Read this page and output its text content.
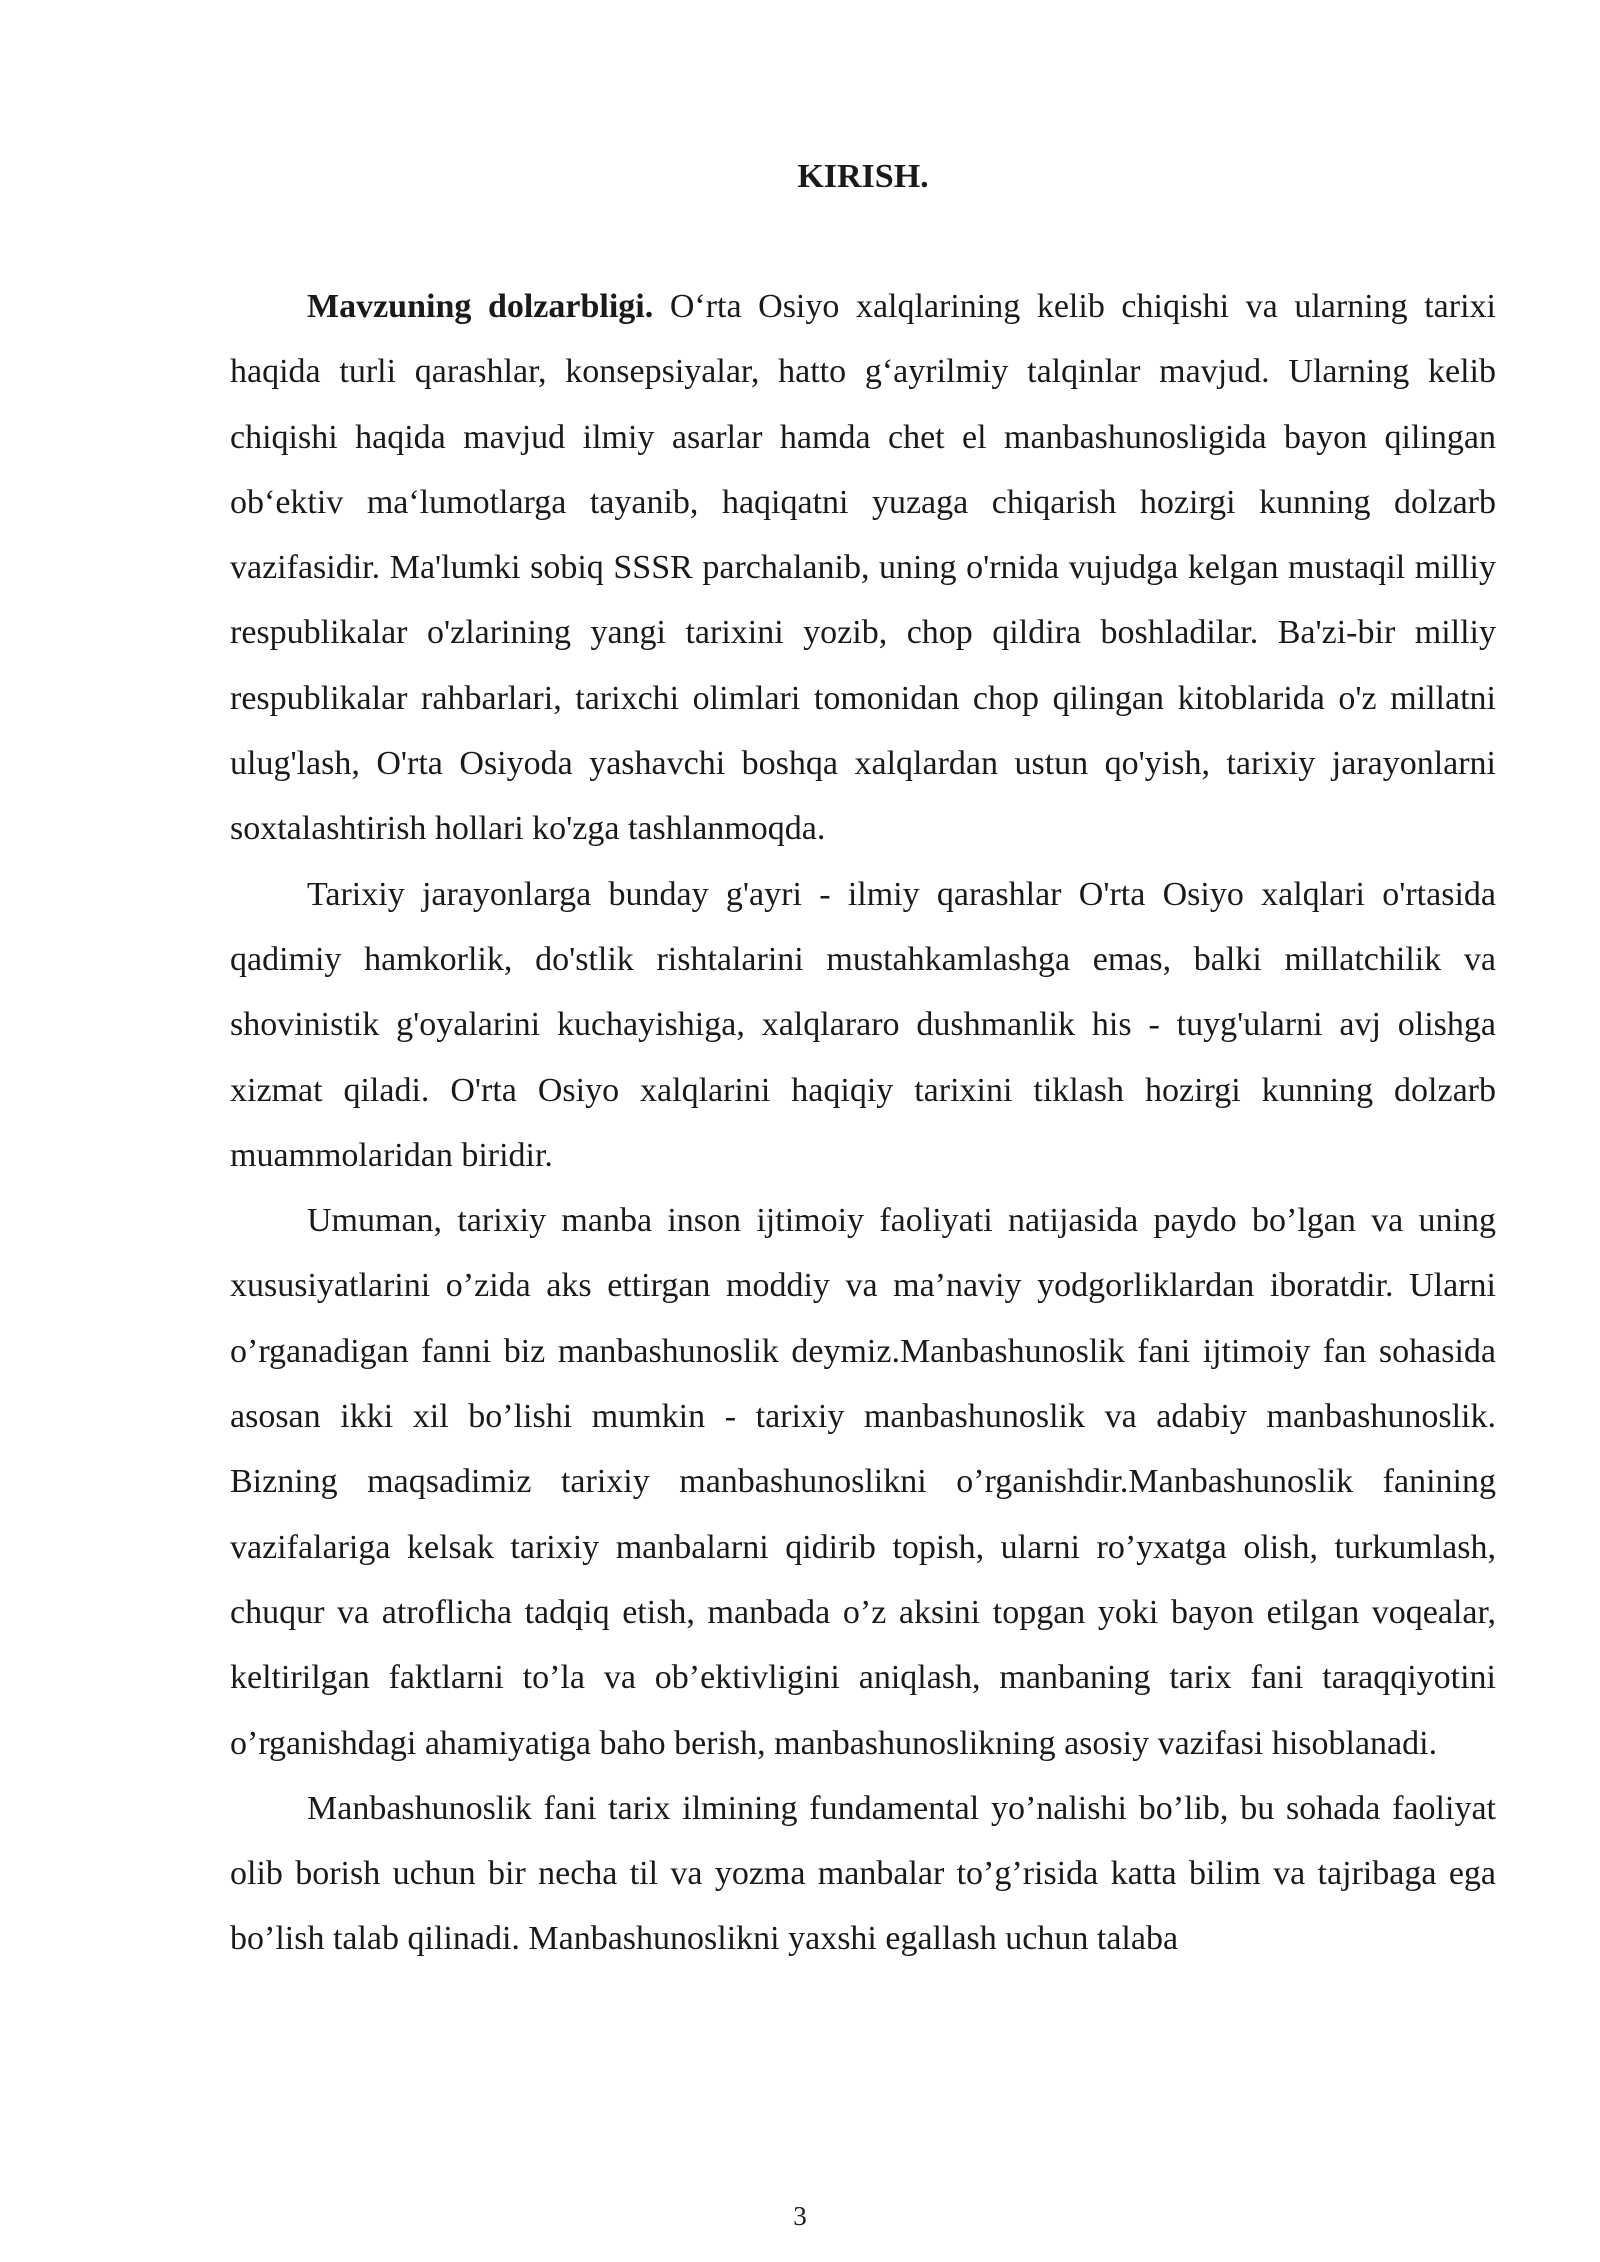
KIRISH.

Mavzuning dolzarbligi. O‘rta Osiyo xalqlarining kelib chiqishi va ularning tarixi haqida turli qarashlar, konsepsiyalar, hatto g‘ayrilmiy talqinlar mavjud. Ularning kelib chiqishi haqida mavjud ilmiy asarlar hamda chet el manbashunosligida bayon qilingan ob‘ektiv ma‘lumotlarga tayanib, haqiqatni yuzaga chiqarish hozirgi kunning dolzarb vazifasidir. Ma'lumki sobiq SSSR parchalanib, uning o'rnida vujudga kelgan mustaqil milliy respublikalar o'zlarining yangi tarixini yozib, chop qildira boshladilar. Ba'zi-bir milliy respublikalar rahbarlari, tarixchi olimlari tomonidan chop qilingan kitoblarida o'z millatni ulug'lash, O'rta Osiyoda yashavchi boshqa xalqlardan ustun qo'yish, tarixiy jarayonlarni soxtalashtirish hollari ko'zga tashlanmoqda.

Tarixiy jarayonlarga bunday g'ayri - ilmiy qarashlar O'rta Osiyo xalqlari o'rtasida qadimiy hamkorlik, do'stlik rishtalarini mustahkamlashga emas, balki millatchilik va shovinistik g'oyalarini kuchayishiga, xalqlararo dushmanlik his - tuyg'ularni avj olishga xizmat qiladi. O'rta Osiyo xalqlarini haqiqiy tarixini tiklash hozirgi kunning dolzarb muammolaridan biridir.

Umuman, tarixiy manba inson ijtimoiy faoliyati natijasida paydo bo’lgan va uning xususiyatlarini o’zida aks ettirgan moddiy va ma’naviy yodgorliklardan iboratdir. Ularni o’rganadigan fanni biz manbashunoslik deymiz.Manbashunoslik fani ijtimoiy fan sohasida asosan ikki xil bo’lishi mumkin - tarixiy manbashunoslik va adabiy manbashunoslik. Bizning maqsadimiz tarixiy manbashunoslikni o’rganishdir.Manbashunoslik fanining vazifalariga kelsak tarixiy manbalarni qidirib topish, ularni ro’yxatga olish, turkumlash, chuqur va atroflicha tadqiq etish, manbada o’z aksini topgan yoki bayon etilgan voqealar, keltirilgan faktlarni to’la va ob’ektivligini aniqlash, manbaning tarix fani taraqqiyotini o’rganishdagi ahamiyatiga baho berish, manbashunoslikning asosiy vazifasi hisoblanadi.

Manbashunoslik fani tarix ilmining fundamental yo’nalishi bo’lib, bu sohada faoliyat olib borish uchun bir necha til va yozma manbalar to’g’risida katta bilim va tajribaga ega bo’lish talab qilinadi. Manbashunoslikni yaxshi egallash uchun talaba

3
